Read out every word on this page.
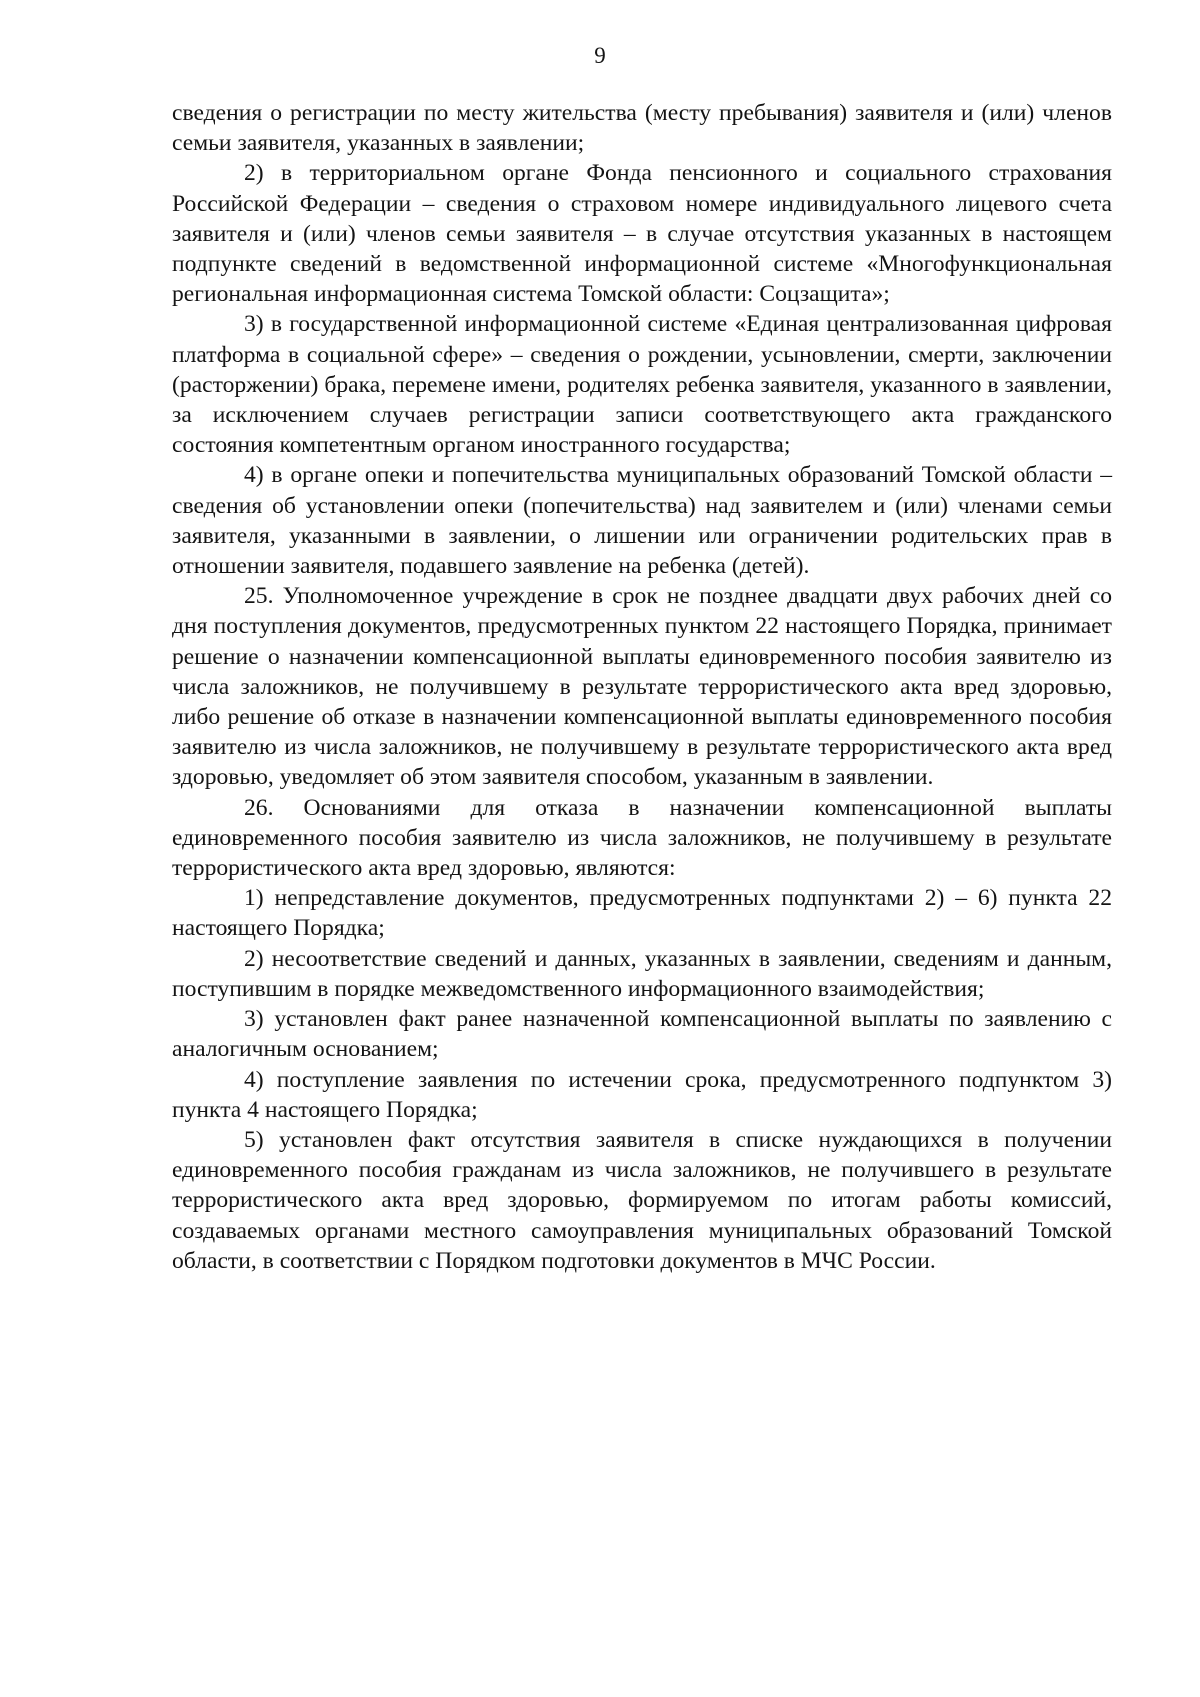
9

сведения о регистрации по месту жительства (месту пребывания) заявителя и (или) членов семьи заявителя, указанных в заявлении;

2) в территориальном органе Фонда пенсионного и социального страхования Российской Федерации – сведения о страховом номере индивидуального лицевого счета заявителя и (или) членов семьи заявителя – в случае отсутствия указанных в настоящем подпункте сведений в ведомственной информационной системе «Многофункциональная региональная информационная система Томской области: Соцзащита»;

3) в государственной информационной системе «Единая централизованная цифровая платформа в социальной сфере» – сведения о рождении, усыновлении, смерти, заключении (расторжении) брака, перемене имени, родителях ребенка заявителя, указанного в заявлении, за исключением случаев регистрации записи соответствующего акта гражданского состояния компетентным органом иностранного государства;

4) в органе опеки и попечительства муниципальных образований Томской области – сведения об установлении опеки (попечительства) над заявителем и (или) членами семьи заявителя, указанными в заявлении, о лишении или ограничении родительских прав в отношении заявителя, подавшего заявление на ребенка (детей).

25. Уполномоченное учреждение в срок не позднее двадцати двух рабочих дней со дня поступления документов, предусмотренных пунктом 22 настоящего Порядка, принимает решение о назначении компенсационной выплаты единовременного пособия заявителю из числа заложников, не получившему в результате террористического акта вред здоровью, либо решение об отказе в назначении компенсационной выплаты единовременного пособия заявителю из числа заложников, не получившему в результате террористического акта вред здоровью, уведомляет об этом заявителя способом, указанным в заявлении.

26. Основаниями для отказа в назначении компенсационной выплаты единовременного пособия заявителю из числа заложников, не получившему в результате террористического акта вред здоровью, являются:

1) непредставление документов, предусмотренных подпунктами 2) – 6) пункта 22 настоящего Порядка;

2) несоответствие сведений и данных, указанных в заявлении, сведениям и данным, поступившим в порядке межведомственного информационного взаимодействия;

3) установлен факт ранее назначенной компенсационной выплаты по заявлению с аналогичным основанием;

4) поступление заявления по истечении срока, предусмотренного подпунктом 3) пункта 4 настоящего Порядка;

5) установлен факт отсутствия заявителя в списке нуждающихся в получении единовременного пособия гражданам из числа заложников, не получившего в результате террористического акта вред здоровью, формируемом по итогам работы комиссий, создаваемых органами местного самоуправления муниципальных образований Томской области, в соответствии с Порядком подготовки документов в МЧС России.
